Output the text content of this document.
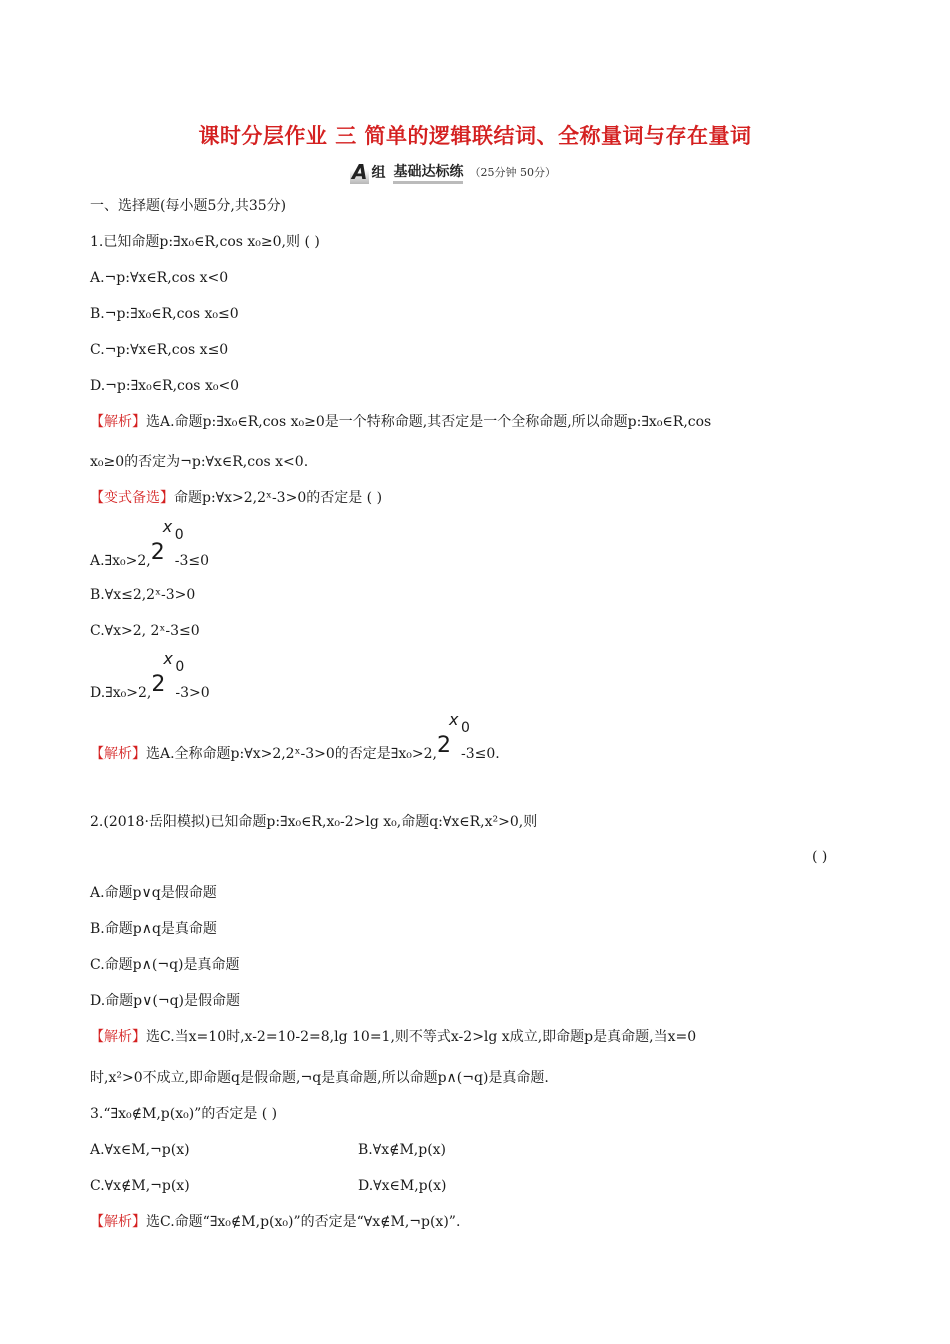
课时分层作业 三 简单的逻辑联结词、全称量词与存在量词
A 组 基础达标练 （25分钟 50分）
一、选择题(每小题5分,共35分)
1.已知命题p:∃x₀∈R,cos x₀≥0,则 ( )
A.¬p:∀x∈R,cos x<0
B.¬p:∃x₀∈R,cos x₀≤0
C.¬p:∀x∈R,cos x≤0
D.¬p:∃x₀∈R,cos x₀<0
【解析】选A.命题p:∃x₀∈R,cos x₀≥0是一个特称命题,其否定是一个全称命题,所以命题p:∃x₀∈R,cos
x₀≥0的否定为¬p:∀x∈R,cos x<0.
【变式备选】命题p:∀x>2,2ˣ-3>0的否定是 ( )
A.∃x₀>2,2
x 0
-3≤0
B.∀x≤2,2ˣ-3>0
C.∀x>2, 2ˣ-3≤0
D.∃x₀>2,2
x 0
-3>0
【解析】选A.全称命题p:∀x>2,2ˣ-3>0的否定是∃x₀>2,2
x 0
-3≤0.
2.(2018·岳阳模拟)已知命题p:∃x₀∈R,x₀-2>lg x₀,命题q:∀x∈R,x²>0,则
( )
A.命题p∨q是假命题
B.命题p∧q是真命题
C.命题p∧(¬q)是真命题
D.命题p∨(¬q)是假命题
【解析】选C.当x=10时,x-2=10-2=8,lg 10=1,则不等式x-2>lg x成立,即命题p是真命题,当x=0
时,x²>0不成立,即命题q是假命题,¬q是真命题,所以命题p∧(¬q)是真命题.
3.“∃x₀∉M,p(x₀)”的否定是 ( )
A.∀x∈M,¬p(x)	B.∀x∉M,p(x)
C.∀x∉M,¬p(x)	D.∀x∈M,p(x)
【解析】选C.命题“∃x₀∉M,p(x₀)”的否定是“∀x∉M,¬p(x)”.
